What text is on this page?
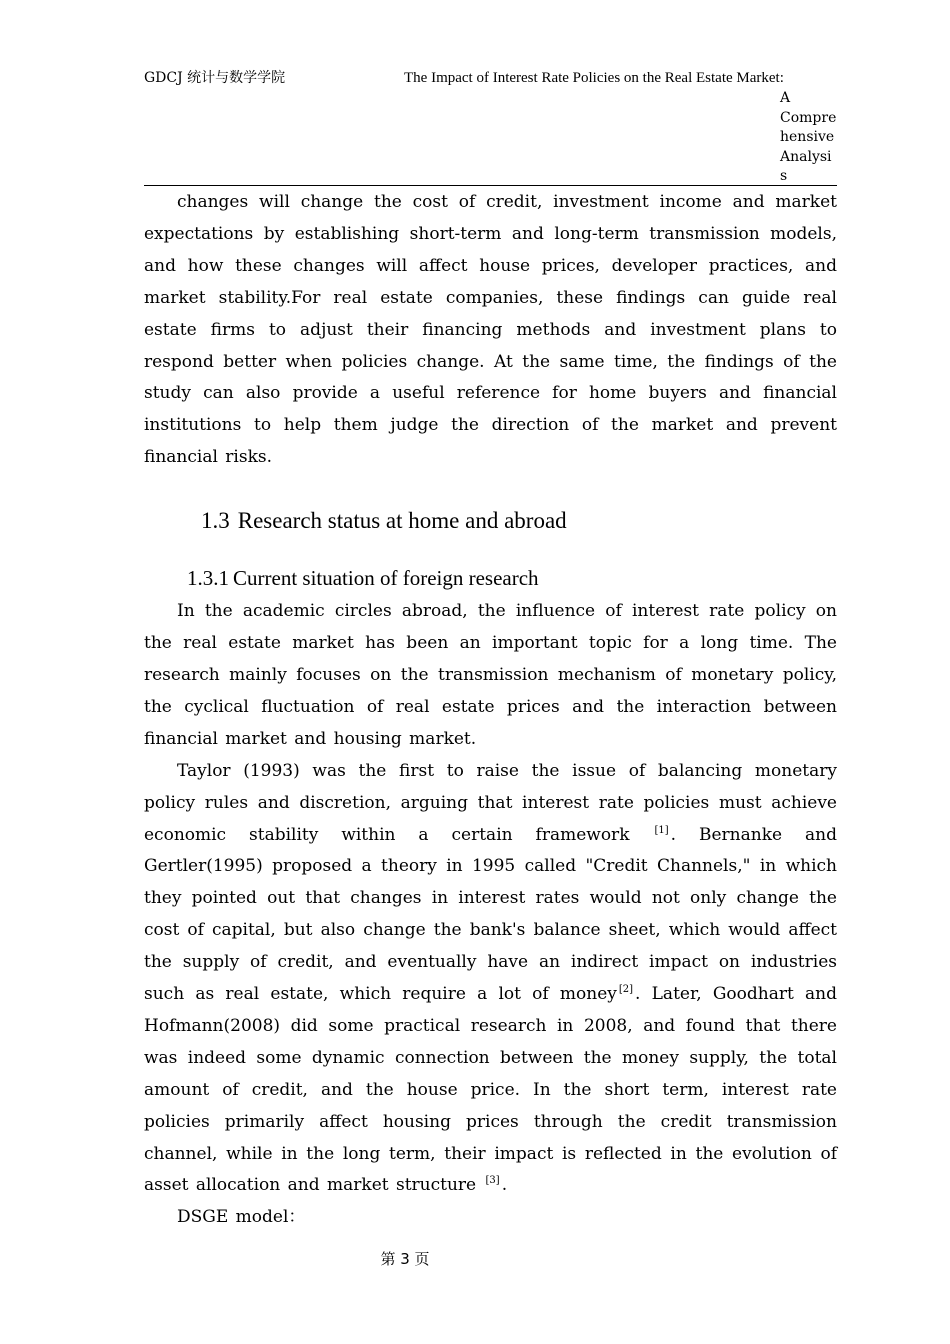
GDCJ 统计与数学学院	The Impact of Interest Rate Policies on the Real Estate Market:
A
Compre
hensive
Analysi
s

changes will change the cost of credit, investment income and market expectations by establishing short-term and long-term transmission models, and how these changes will affect house prices, developer practices, and market stability.For real estate companies, these findings can guide real estate firms to adjust their financing methods and investment plans to respond better when policies change. At the same time, the findings of the study can also provide a useful reference for home buyers and financial institutions to help them judge the direction of the market and prevent financial risks.

1.3 Research status at home and abroad
1.3.1 Current situation of foreign research

In the academic circles abroad, the influence of interest rate policy on the real estate market has been an important topic for a long time. The research mainly focuses on the transmission mechanism of monetary policy, the cyclical fluctuation of real estate prices and the interaction between financial market and housing market.

Taylor (1993) was the first to raise the issue of balancing monetary policy rules and discretion, arguing that interest rate policies must achieve economic stability within a certain framework [1] . Bernanke and Gertler(1995) proposed a theory in 1995 called "Credit Channels," in which they pointed out that changes in interest rates would not only change the cost of capital, but also change the bank's balance sheet, which would affect the supply of credit, and eventually have an indirect impact on industries such as real estate, which require a lot of money [2] . Later, Goodhart and Hofmann(2008) did some practical research in 2008, and found that there was indeed some dynamic connection between the money supply, the total amount of credit, and the house price. In the short term, interest rate policies primarily affect housing prices through the credit transmission channel, while in the long term, their impact is reflected in the evolution of asset allocation and market structure [3] .

DSGE model：

第 3 页
